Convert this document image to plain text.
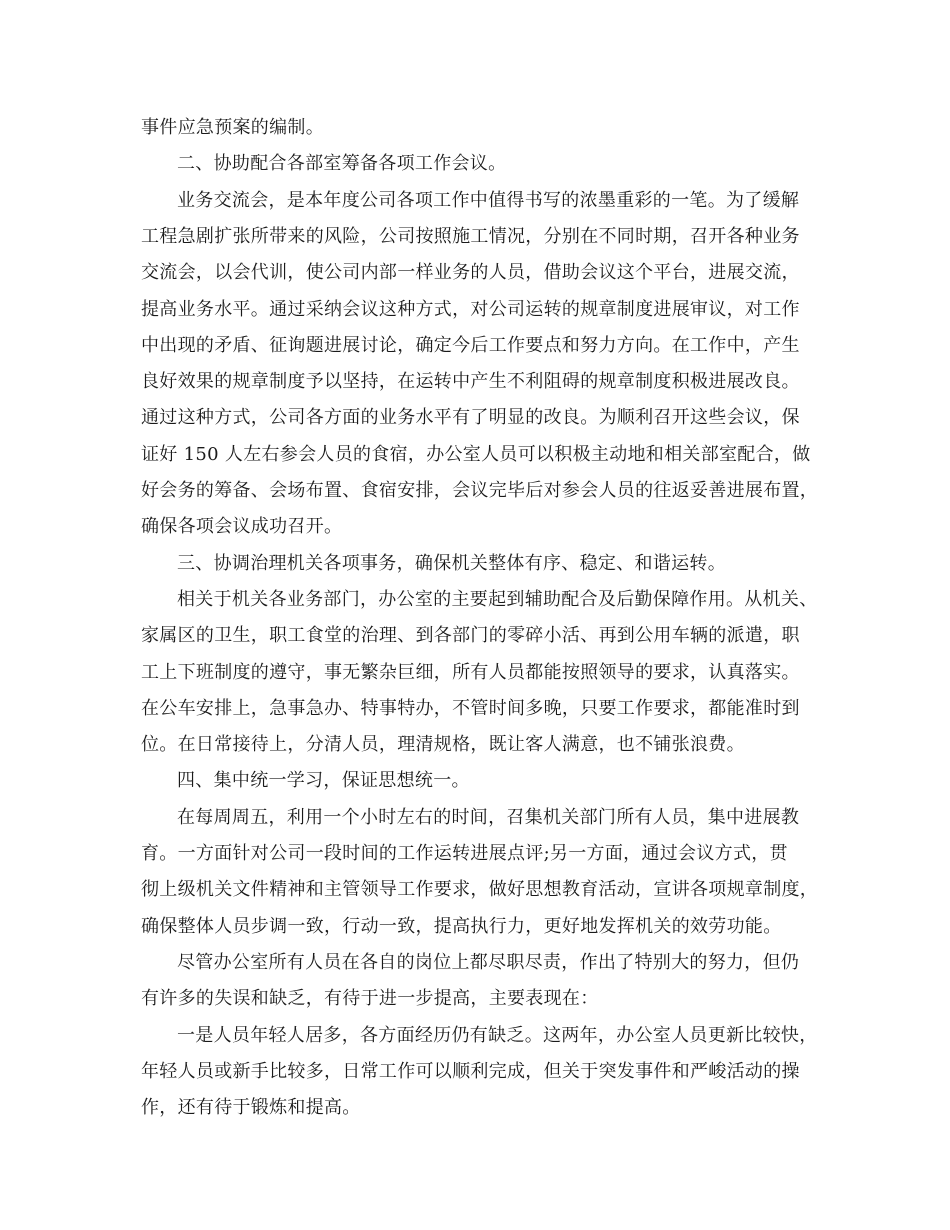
事件应急预案的编制。
二、协助配合各部室筹备各项工作会议。
业务交流会，是本年度公司各项工作中值得书写的浓墨重彩的一笔。为了缓解
工程急剧扩张所带来的风险，公司按照施工情况，分别在不同时期，召开各种业务
交流会，以会代训，使公司内部一样业务的人员，借助会议这个平台，进展交流，
提高业务水平。通过采纳会议这种方式，对公司运转的规章制度进展审议，对工作
中出现的矛盾、征询题进展讨论，确定今后工作要点和努力方向。在工作中，产生
良好效果的规章制度予以坚持，在运转中产生不利阻碍的规章制度积极进展改良。
通过这种方式，公司各方面的业务水平有了明显的改良。为顺利召开这些会议，保
证好 150 人左右参会人员的食宿，办公室人员可以积极主动地和相关部室配合，做
好会务的筹备、会场布置、食宿安排，会议完毕后对参会人员的往返妥善进展布置，
确保各项会议成功召开。
三、协调治理机关各项事务，确保机关整体有序、稳定、和谐运转。
相关于机关各业务部门，办公室的主要起到辅助配合及后勤保障作用。从机关、
家属区的卫生，职工食堂的治理、到各部门的零碎小活、再到公用车辆的派遣，职
工上下班制度的遵守，事无繁杂巨细，所有人员都能按照领导的要求，认真落实。
在公车安排上，急事急办、特事特办，不管时间多晚，只要工作要求，都能准时到
位。在日常接待上，分清人员，理清规格，既让客人满意，也不铺张浪费。
四、集中统一学习，保证思想统一。
在每周周五，利用一个小时左右的时间，召集机关部门所有人员，集中进展教
育。一方面针对公司一段时间的工作运转进展点评;另一方面，通过会议方式，贯
彻上级机关文件精神和主管领导工作要求，做好思想教育活动，宣讲各项规章制度，
确保整体人员步调一致，行动一致，提高执行力，更好地发挥机关的效劳功能。
尽管办公室所有人员在各自的岗位上都尽职尽责，作出了特别大的努力，但仍
有许多的失误和缺乏，有待于进一步提高，主要表现在：
一是人员年轻人居多，各方面经历仍有缺乏。这两年，办公室人员更新比较快，
年轻人员或新手比较多，日常工作可以顺利完成，但关于突发事件和严峻活动的操
作，还有待于锻炼和提高。
